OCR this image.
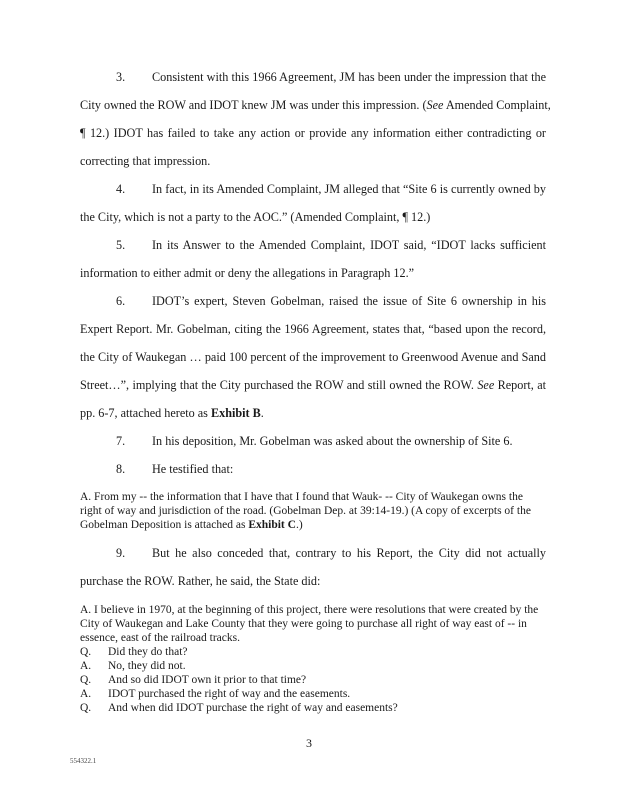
3. Consistent with this 1966 Agreement, JM has been under the impression that the
City owned the ROW and IDOT knew JM was under this impression. (See Amended Complaint,
¶ 12.) IDOT has failed to take any action or provide any information either contradicting or
correcting that impression.
4. In fact, in its Amended Complaint, JM alleged that “Site 6 is currently owned by
the City, which is not a party to the AOC.” (Amended Complaint, ¶ 12.)
5. In its Answer to the Amended Complaint, IDOT said, “IDOT lacks sufficient
information to either admit or deny the allegations in Paragraph 12.”
6. IDOT’s expert, Steven Gobelman, raised the issue of Site 6 ownership in his
Expert Report. Mr. Gobelman, citing the 1966 Agreement, states that, “based upon the record,
the City of Waukegan … paid 100 percent of the improvement to Greenwood Avenue and Sand
Street…”, implying that the City purchased the ROW and still owned the ROW. See Report, at
pp. 6-7, attached hereto as Exhibit B.
7. In his deposition, Mr. Gobelman was asked about the ownership of Site 6.
8. He testified that:
A. From my -- the information that I have that I found that Wauk- -- City of Waukegan owns the right of way and jurisdiction of the road. (Gobelman Dep. at 39:14-19.) (A copy of excerpts of the Gobelman Deposition is attached as Exhibit C.)
9. But he also conceded that, contrary to his Report, the City did not actually
purchase the ROW. Rather, he said, the State did:
A. I believe in 1970, at the beginning of this project, there were resolutions that were created by the City of Waukegan and Lake County that they were going to purchase all right of way east of -- in essence, east of the railroad tracks.
Q.	Did they do that?
A.	No, they did not.
Q.	And so did IDOT own it prior to that time?
A.	IDOT purchased the right of way and the easements.
Q.	And when did IDOT purchase the right of way and easements?
3
554322.1
